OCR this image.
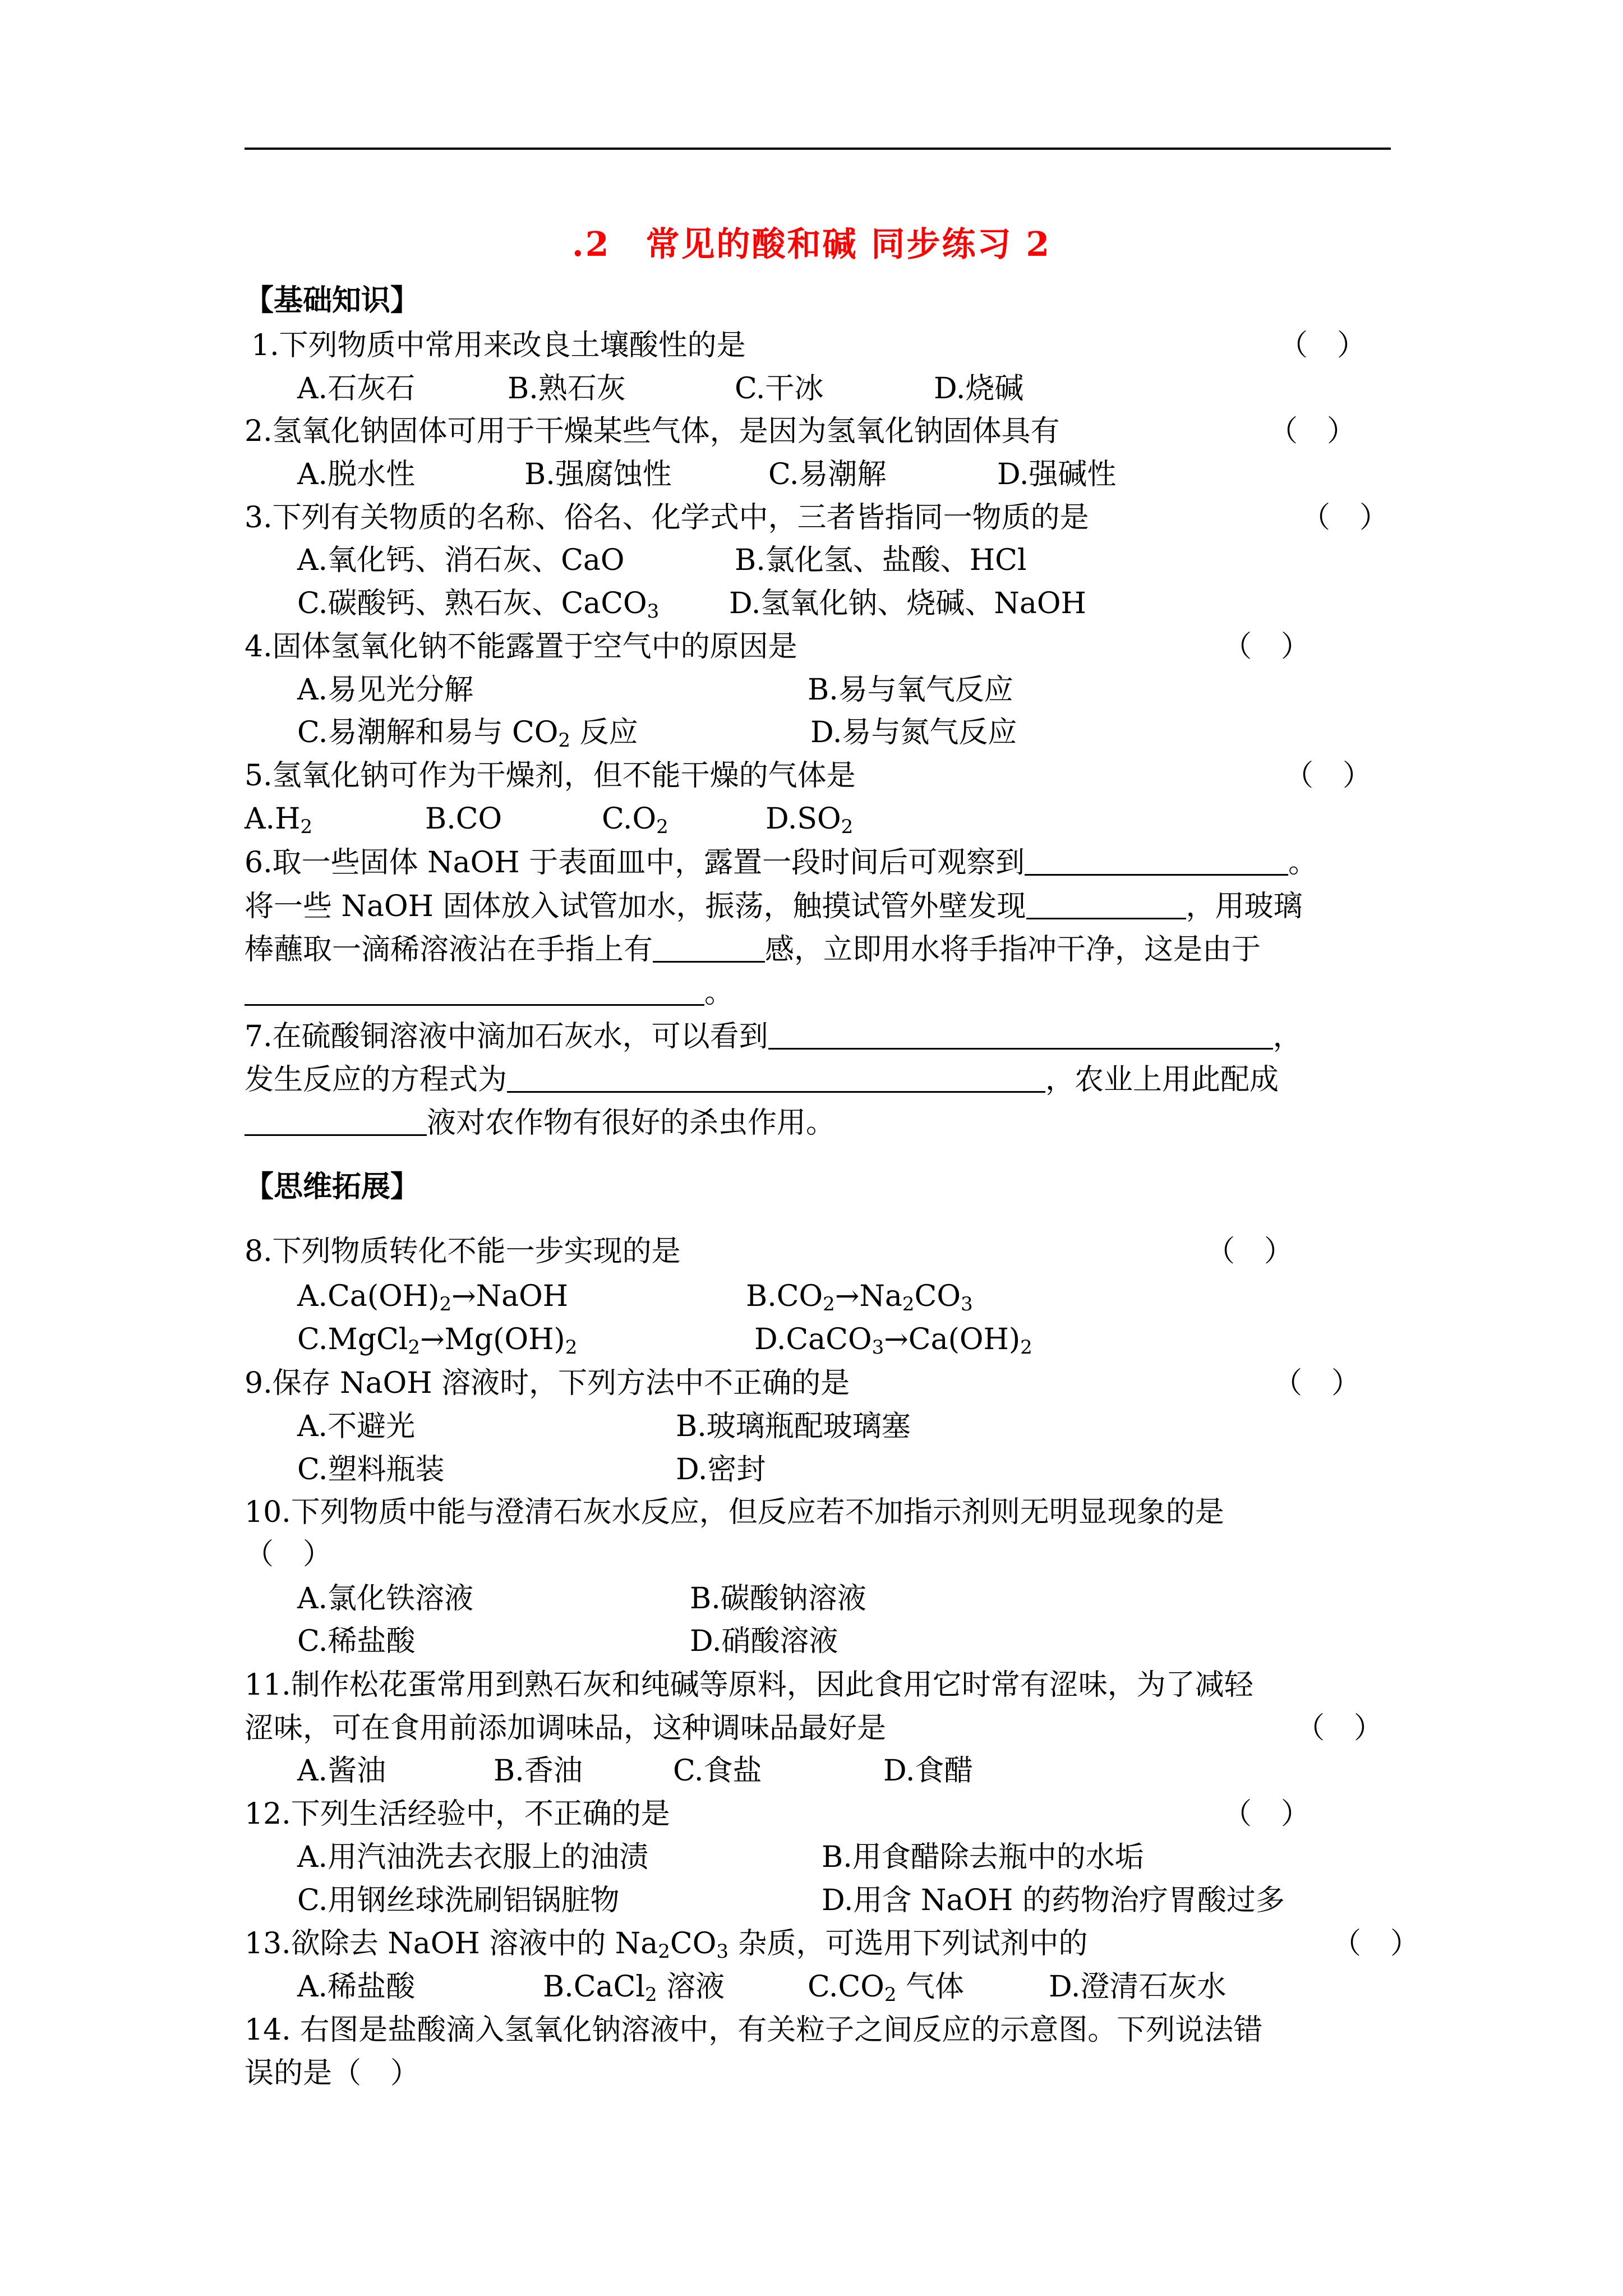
.2　常见的酸和碱 同步练习 2
【基础知识】
1.下列物质中常用来改良土壤酸性的是	（　）
A.石灰石	B.熟石灰	C.干冰	D.烧碱
2.氢氧化钠固体可用于干燥某些气体，是因为氢氧化钠固体具有	（　）
A.脱水性	B.强腐蚀性	C.易潮解	D.强碱性
3.下列有关物质的名称、俗名、化学式中，三者皆指同一物质的是	（　）
A.氧化钙、消石灰、CaO	B.氯化氢、盐酸、HCl
C.碳酸钙、熟石灰、CaCO$_3$ D.氢氧化钠、烧碱、NaOH
4.固体氢氧化钠不能露置于空气中的原因是	（　）
A.易见光分解	B.易与氧气反应
C.易潮解和易与 $CO_2$ 反应	D.易与氮气反应
5.氢氧化钠可作为干燥剂，但不能干燥的气体是	（　）
$A.H_2$	B.CO	$C.O_2$	$D.SO_2$
6.取一些固体 NaOH 于表面皿中，露置一段时间后可观察到	。
将一些 NaOH 固体放入试管加水，振荡，触摸试管外壁发现	，用玻璃
棒蘸取一滴稀溶液沾在手指上有	感，立即用水将手指冲干净，这是由于
。
7.在硫酸铜溶液中滴加石灰水，可以看到	，
发生反应的方程式为	，农业上用此配成
液对农作物有很好的杀虫作用。
【思维拓展】
8.下列物质转化不能一步实现的是	（　）
$A.Ca(OH)_2\to NaOH$	$B.CO_2\to Na_2CO_3$
$C.MgCl_2\to Mg(OH)_2$	$D.CaCO_3\to Ca(OH)_2$
9.保存 NaOH 溶液时，下列方法中不正确的是	（　）
A.不避光	B.玻璃瓶配玻璃塞
C.塑料瓶装	D.密封
10.下列物质中能与澄清石灰水反应，但反应若不加指示剂则无明显现象的是
（　）
A.氯化铁溶液	B.碳酸钠溶液
C.稀盐酸	D.硝酸溶液
11.制作松花蛋常用到熟石灰和纯碱等原料，因此食用它时常有涩味，为了减轻
涩味，可在食用前添加调味品，这种调味品最好是	（　）
A.酱油	B.香油	C.食盐	D.食醋
12.下列生活经验中，不正确的是	（　）
A.用汽油洗去衣服上的油渍	B.用食醋除去瓶中的水垢
C.用钢丝球洗刷铝锅脏物	D.用含 NaOH 的药物治疗胃酸过多
13.欲除去 NaOH 溶液中的 $Na_2CO_3$ 杂质，可选用下列试剂中的	（　）
A.稀盐酸	B.CaCl$_2$ 溶液	$C.CO_2$ 气体	D.澄清石灰水
14. 右图是盐酸滴入氢氧化钠溶液中，有关粒子之间反应的示意图。下列说法错
误的是（　）
